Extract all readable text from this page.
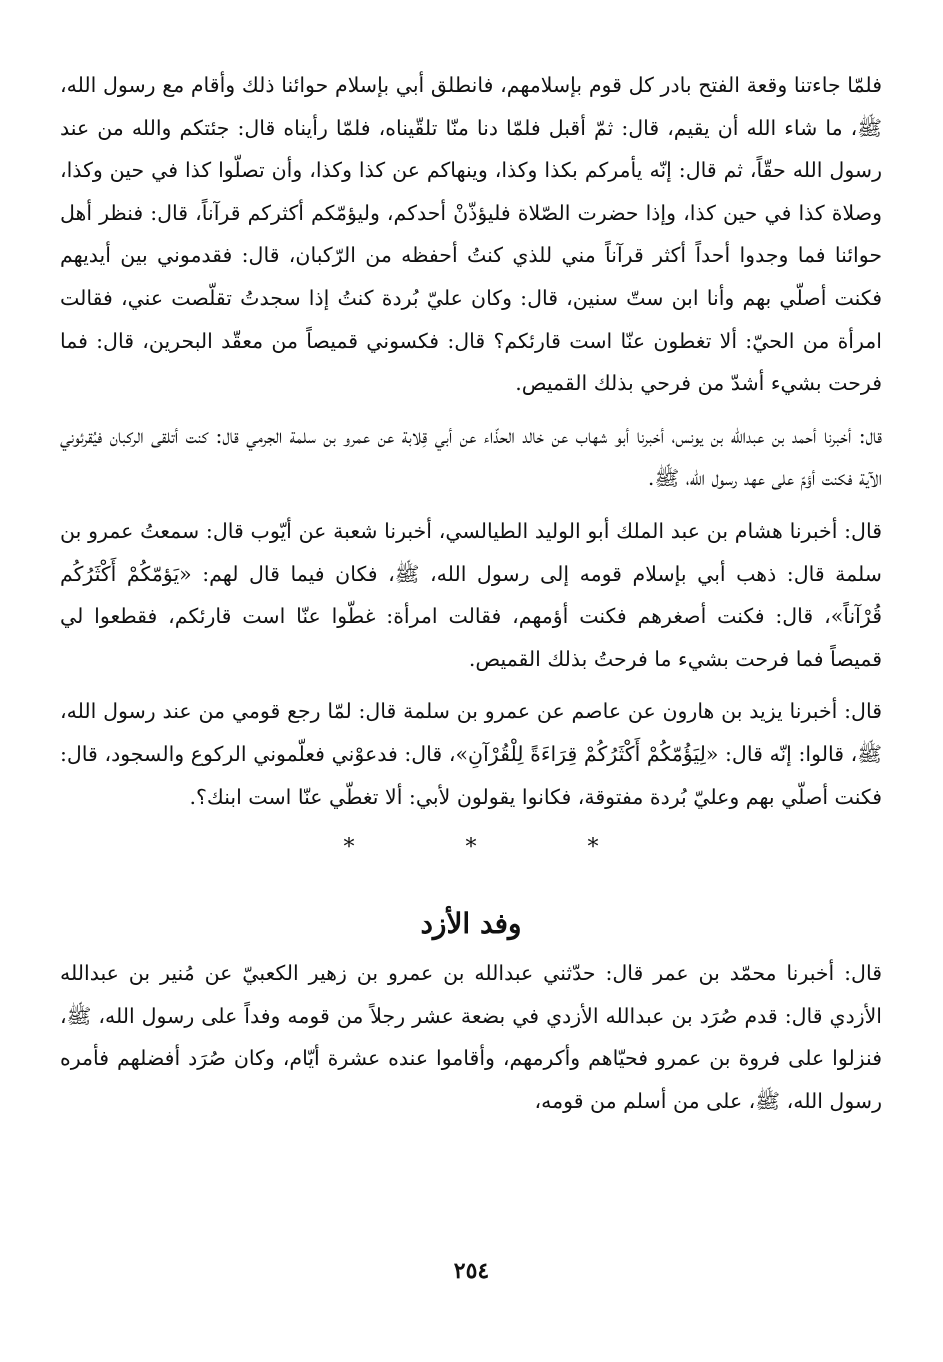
فلمّا جاءتنا وقعة الفتح بادر كل قوم بإسلامهم، فانطلق أبي بإسلام حوائنا ذلك وأقام مع رسول الله، ﷺ، ما شاء الله أن يقيم، قال: ثمّ أقبل فلمّا دنا منّا تلقّيناه، فلمّا رأيناه قال: جئتكم والله من عند رسول الله حقّاً، ثم قال: إنّه يأمركم بكذا وكذا، وينهاكم عن كذا وكذا، وأن تصلّوا كذا في حين وكذا، وصلاة كذا في حين كذا، وإذا حضرت الصّلاة فليؤذّنْ أحدكم، وليؤمّكم أكثركم قرآناً، قال: فنظر أهل حوائنا فما وجدوا أحداً أكثر قرآناً مني للذي كنتُ أحفظه من الرّكبان، قال: فقدموني بين أيديهم فكنت أصلّي بهم وأنا ابن ستّ سنين، قال: وكان عليّ بُردة كنتُ إذا سجدتُ تقلّصت عني، فقالت امرأة من الحيّ: ألا تغطون عنّا است قارئكم؟ قال: فكسوني قميصاً من معقّد البحرين، قال: فما فرحت بشيء أشدّ من فرحي بذلك القميص.

قال: أخبرنا أحمد بن عبدالله بن يونس، أخبرنا أبو شهاب عن خالد الحذّاء عن أبي قِلابة عن عمرو بن سلمة الجرمي قال: كنت أتلقى الركبان فيُقرئوني الآية فكنت أؤمّ على عهد رسول الله، ﷺ.

قال: أخبرنا هشام بن عبد الملك أبو الوليد الطيالسي، أخبرنا شعبة عن أيّوب قال: سمعتُ عمرو بن سلمة قال: ذهب أبي بإسلام قومه إلى رسول الله، ﷺ، فكان فيما قال لهم: «يَؤمّكُمْ أَكْثَرُكُم قُرْآناً»، قال: فكنت أصغرهم فكنت أؤمهم، فقالت امرأة: غطّوا عنّا است قارئكم، فقطعوا لي قميصاً فما فرحت بشيء ما فرحتُ بذلك القميص.

قال: أخبرنا يزيد بن هارون عن عاصم عن عمرو بن سلمة قال: لمّا رجع قومي من عند رسول الله، ﷺ، قالوا: إنّه قال: «لِيَؤُمّكُمْ أَكْثَرُكُمْ قِرَاءَةً لِلْقُرْآنِ»، قال: فدعوْني فعلّموني الركوع والسجود، قال: فكنت أصلّي بهم وعليّ بُردة مفتوقة، فكانوا يقولون لأبي: ألا تغطّي عنّا است ابنك؟.

* * *
وفد الأزد

قال: أخبرنا محمّد بن عمر قال: حدّثني عبدالله بن عمرو بن زهير الكعبيّ عن مُنير بن عبدالله الأزدي قال: قدم صُرَد بن عبدالله الأزدي في بضعة عشر رجلاً من قومه وفداً على رسول الله، ﷺ، فنزلوا على فروة بن عمرو فحيّاهم وأكرمهم، وأقاموا عنده عشرة أيّام، وكان صُرَد أفضلهم فأمره رسول الله، ﷺ، على من أسلم من قومه،

٢٥٤
